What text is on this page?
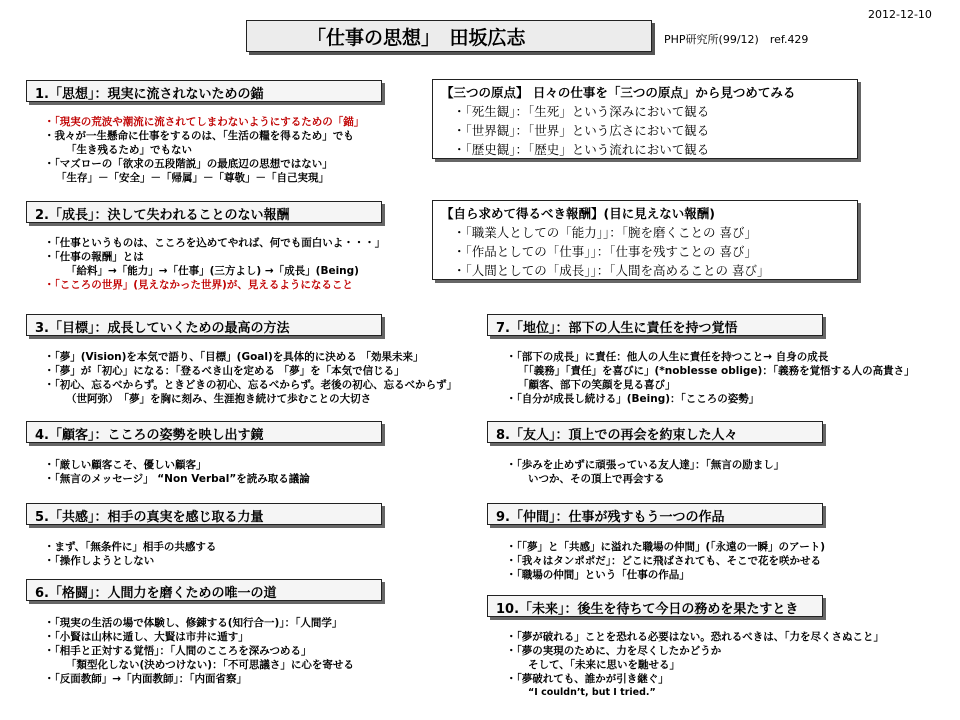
2012-12-10
「仕事の思想」　田坂広志	PHP研究所(99/12)　ref.429
1.「思想」：現実に流されないための錨
・「現実の荒波や潮流に流されてしまわないようにするための「錨」
・我々が一生懸命に仕事をするのは、「生活の糧を得るため」でも
「生き残るため」でもない
・「マズローの「欲求の五段階説」の最底辺の思想ではない」
「生存」－「安全」－「帰属」－「尊敬」－「自己実現」
【三つの原点】 日々の仕事を「三つの原点」から見つめてみる
・「死生観」：「生死」という深みにおいて観る
・「世界観」：「世界」という広さにおいて観る
・「歴史観」：「歴史」という流れにおいて観る
2.「成長」：決して失われることのない報酬
・「仕事というものは、こころを込めてやれば、何でも面白いよ・・・」
・「仕事の報酬」とは
「給料」→「能力」→「仕事」(三方よし) →「成長」(Being)
・「こころの世界」(見えなかった世界)が、見えるようになること
【自ら求めて得るべき報酬】(目に見えない報酬)
・「職業人としての「能力」」：「腕を磨くことの 喜び」
・「作品としての「仕事」」：「仕事を残すことの 喜び」
・「人間としての「成長」」：「人間を高めることの 喜び」
3.「目標」：成長していくための最高の方法
・「夢」(Vision)を本気で語り、「目標」(Goal)を具体的に決める 「効果未来」
・「夢」が「初心」になる：「登るべき山を定める 「夢」を「本気で信じる」
・「初心、忘るべからず。ときどきの初心、忘るべからず。老後の初心、忘るべからず」
（世阿弥）　「夢」を胸に刻み、生涯抱き続けて歩むことの大切さ
7.「地位」：部下の人生に責任を持つ覚悟
・「部下の成長」に責任：他人の人生に責任を持つこと→ 自身の成長
「「義務」「責任」を喜びに」(*noblesse oblige)：「義務を覚悟する人の高貴さ」
「顧客、部下の笑顔を見る喜び」
・「自分が成長し続ける」(Being)：「こころの姿勢」
4.「顧客」：こころの姿勢を映し出す鏡
・「厳しい顧客こそ、優しい顧客」
・「無言のメッセージ」 “Non Verbal”を読み取る議論
8.「友人」：頂上での再会を約束した人々
・「歩みを止めずに頑張っている友人達」：「無言の励まし」
いつか、その頂上で再会する
5.「共感」：相手の真実を感じ取る力量
・まず、「無条件に」相手の共感する
・「操作しようとしない
9.「仲間」：仕事が残すもう一つの作品
・「「夢」と「共感」に溢れた職場の仲間」(「永遠の一瞬」のアート)
・「我々はタンポポだ」：どこに飛ばされても、そこで花を咲かせる
・「職場の仲間」という「仕事の作品」
6.「格闘」：人間力を磨くための唯一の道
・「現実の生活の場で体験し、修錬する(知行合一)」：「人間学」
・「小賢は山林に遁し、大賢は市井に遁す」
・「相手と正対する覚悟」：「人間のこころを深みつめる」
「類型化しない(決めつけない)：「不可思議さ」に心を寄せる
・「反面教師」→「内面教師」：「内面省察」
10.「未来」：後生を待ちて今日の務めを果たすとき
・「夢が破れる」ことを恐れる必要はない。恐れるべきは、「力を尽くさぬこと」
・「夢の実現のために、力を尽くしたかどうか
そして、「未来に思いを馳せる」
・「夢破れても、誰かが引き継ぐ」
“I couldn’t, but I tried.”
